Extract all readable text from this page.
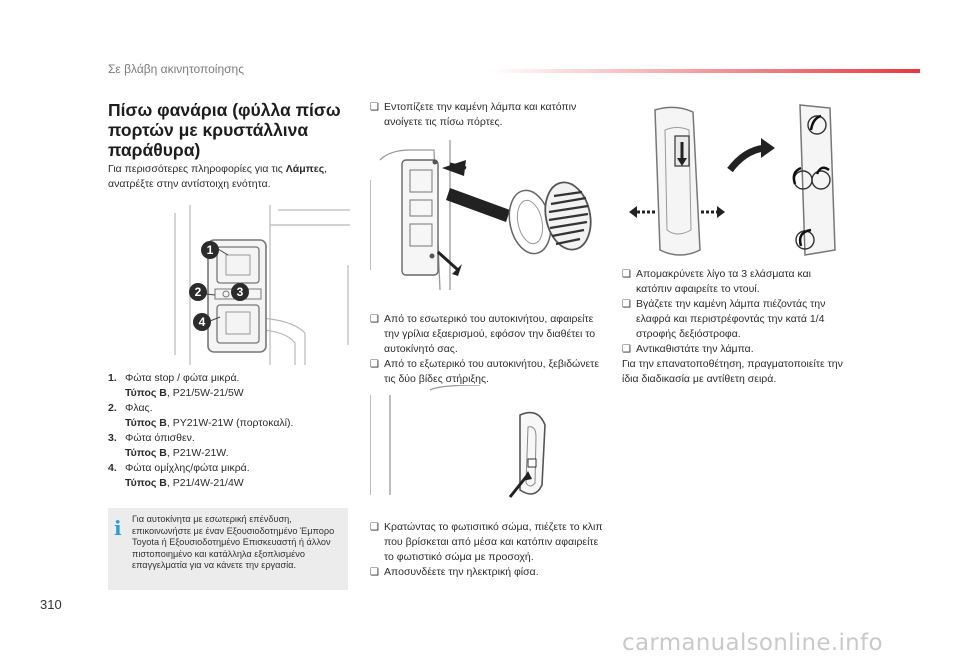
Σε βλάβη ακινητοποίησης
Πίσω φανάρια (φύλλα πίσω πορτών με κρυστάλλινα παράθυρα)
Για περισσότερες πληροφορίες για τις Λάμπες, ανατρέξτε στην αντίστοιχη ενότητα.
1
2	3
4
1. Φώτα stop / φώτα μικρά.
Τύπος B, P21/5W-21/5W
2. Φλας.
Τύπος B, PY21W-21W (πορτοκαλί).
3. Φώτα όπισθεν.
Τύπος B, P21W-21W.
4. Φώτα ομίχλης/φώτα μικρά.
Τύπος B, P21/4W-21/4W
i	Για αυτοκίνητα με εσωτερική επένδυση, επικοινωνήστε με έναν Εξουσιοδοτημένο Έμπορο Toyota ή Εξουσιοδοτημένο Επισκευαστή ή άλλον πιστοποιημένο και κατάλληλα εξοπλισμένο επαγγελματία για να κάνετε την εργασία.
❑ Εντοπίζετε την καμένη λάμπα και κατόπιν ανοίγετε τις πίσω πόρτες.
❑ Από το εσωτερικό του αυτοκινήτου, αφαιρείτε την γρίλια εξαερισμού, εφόσον την διαθέτει το αυτοκίνητό σας.
❑ Από το εξωτερικό του αυτοκινήτου, ξεβιδώνετε τις δύο βίδες στήριξης.
❑ Κρατώντας το φωτισιτικό σώμα, πιέζετε το κλιπ που βρίσκεται από μέσα και κατόπιν αφαιρείτε το φωτιστικό σώμα με προσοχή.
❑ Αποσυνδέετε την ηλεκτρική φίσα.
❑ Απομακρύνετε λίγο τα 3 ελάσματα και κατόπιν αφαιρείτε το ντουί.
❑ Βγάζετε την καμένη λάμπα πιέζοντάς την ελαφρά και περιστρέφοντάς την κατά 1/4 στροφής δεξιόστροφα.
❑ Αντικαθιστάτε την λάμπα.
Για την επανατοποθέτηση, πραγματοποιείτε την ίδια διαδικασία με αντίθετη σειρά.
310
carmanualsonline.info
